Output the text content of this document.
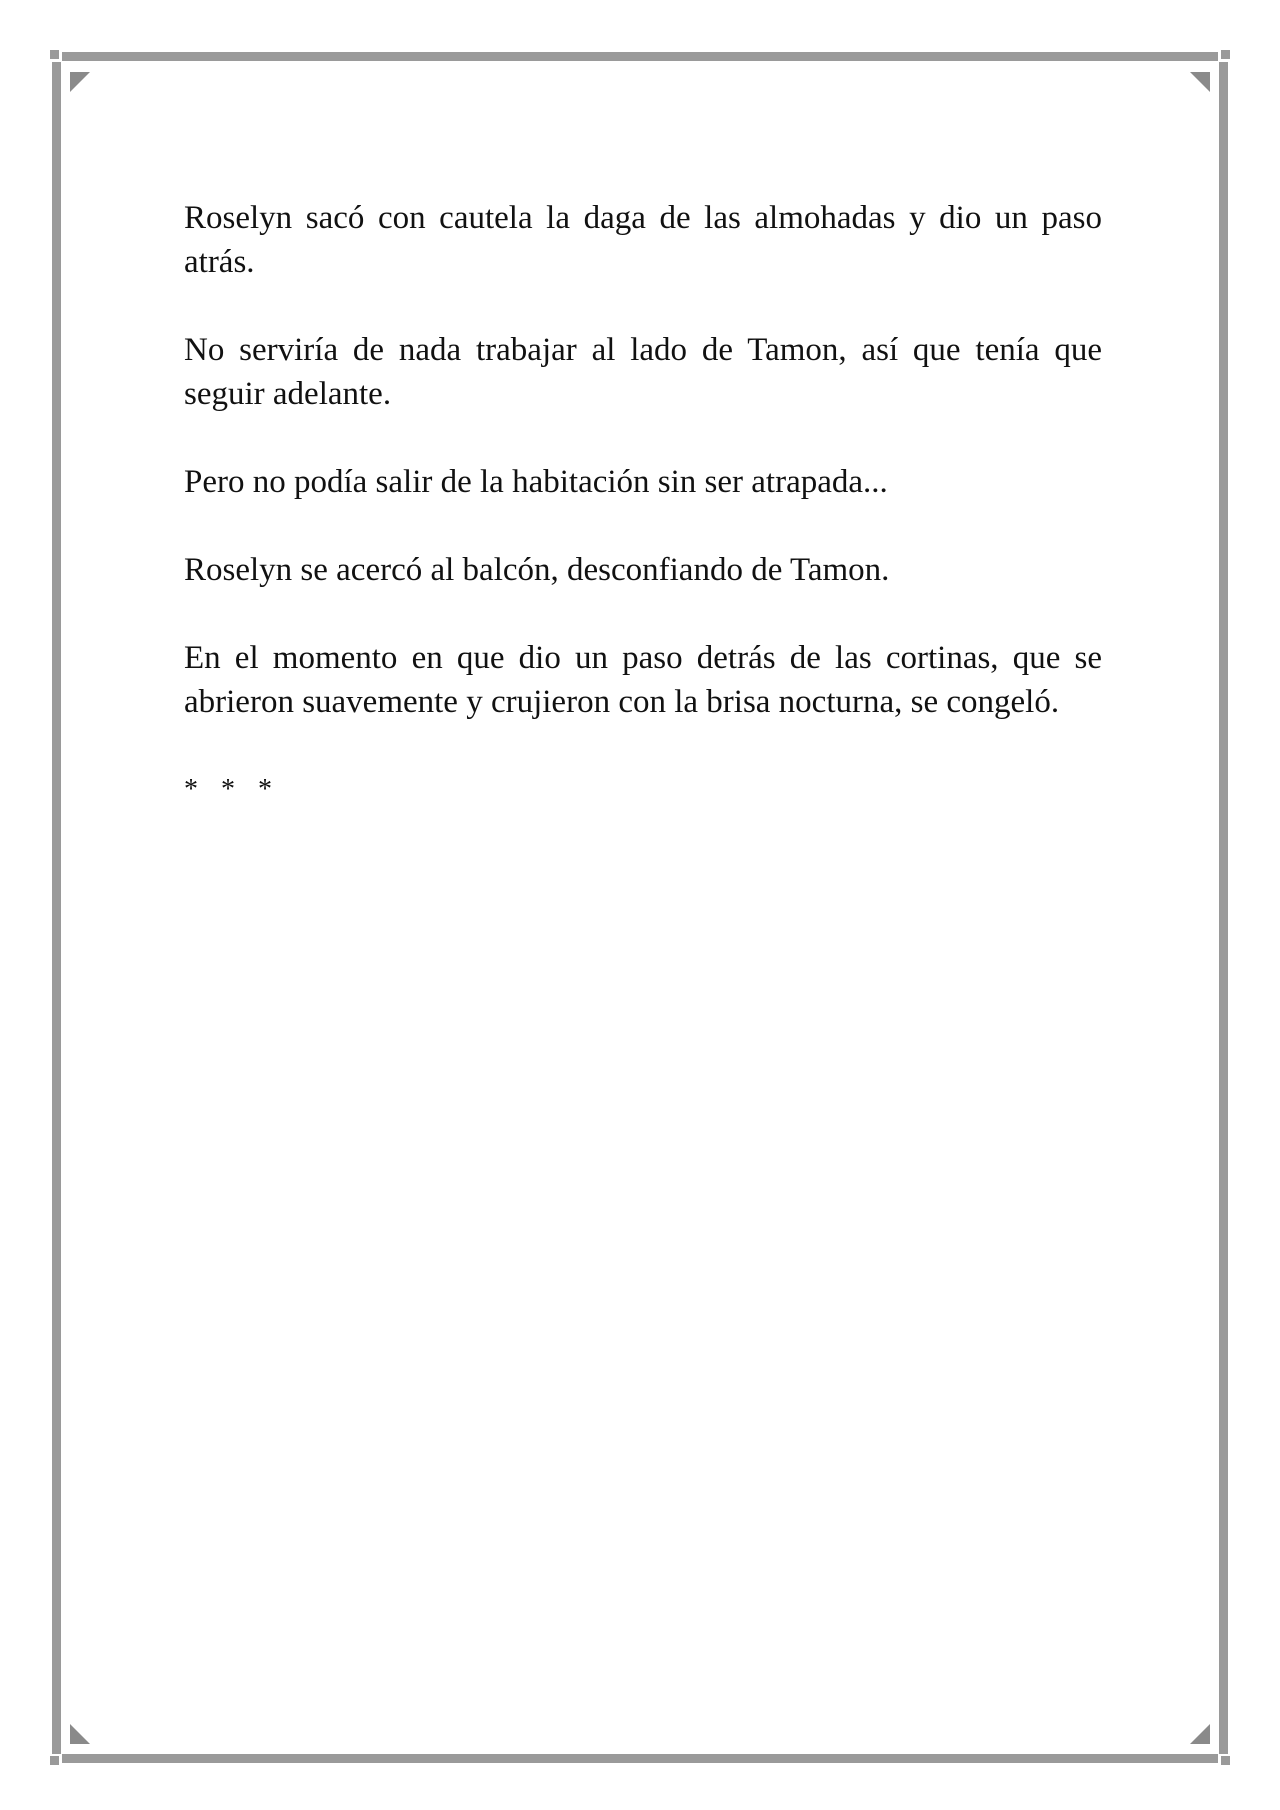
Roselyn sacó con cautela la daga de las almohadas y dio un paso atrás.

No serviría de nada trabajar al lado de Tamon, así que tenía que seguir adelante.

Pero no podía salir de la habitación sin ser atrapada...

Roselyn se acercó al balcón, desconfiando de Tamon.

En el momento en que dio un paso detrás de las cortinas, que se abrieron suavemente y crujieron con la brisa nocturna, se congeló.

* * *
